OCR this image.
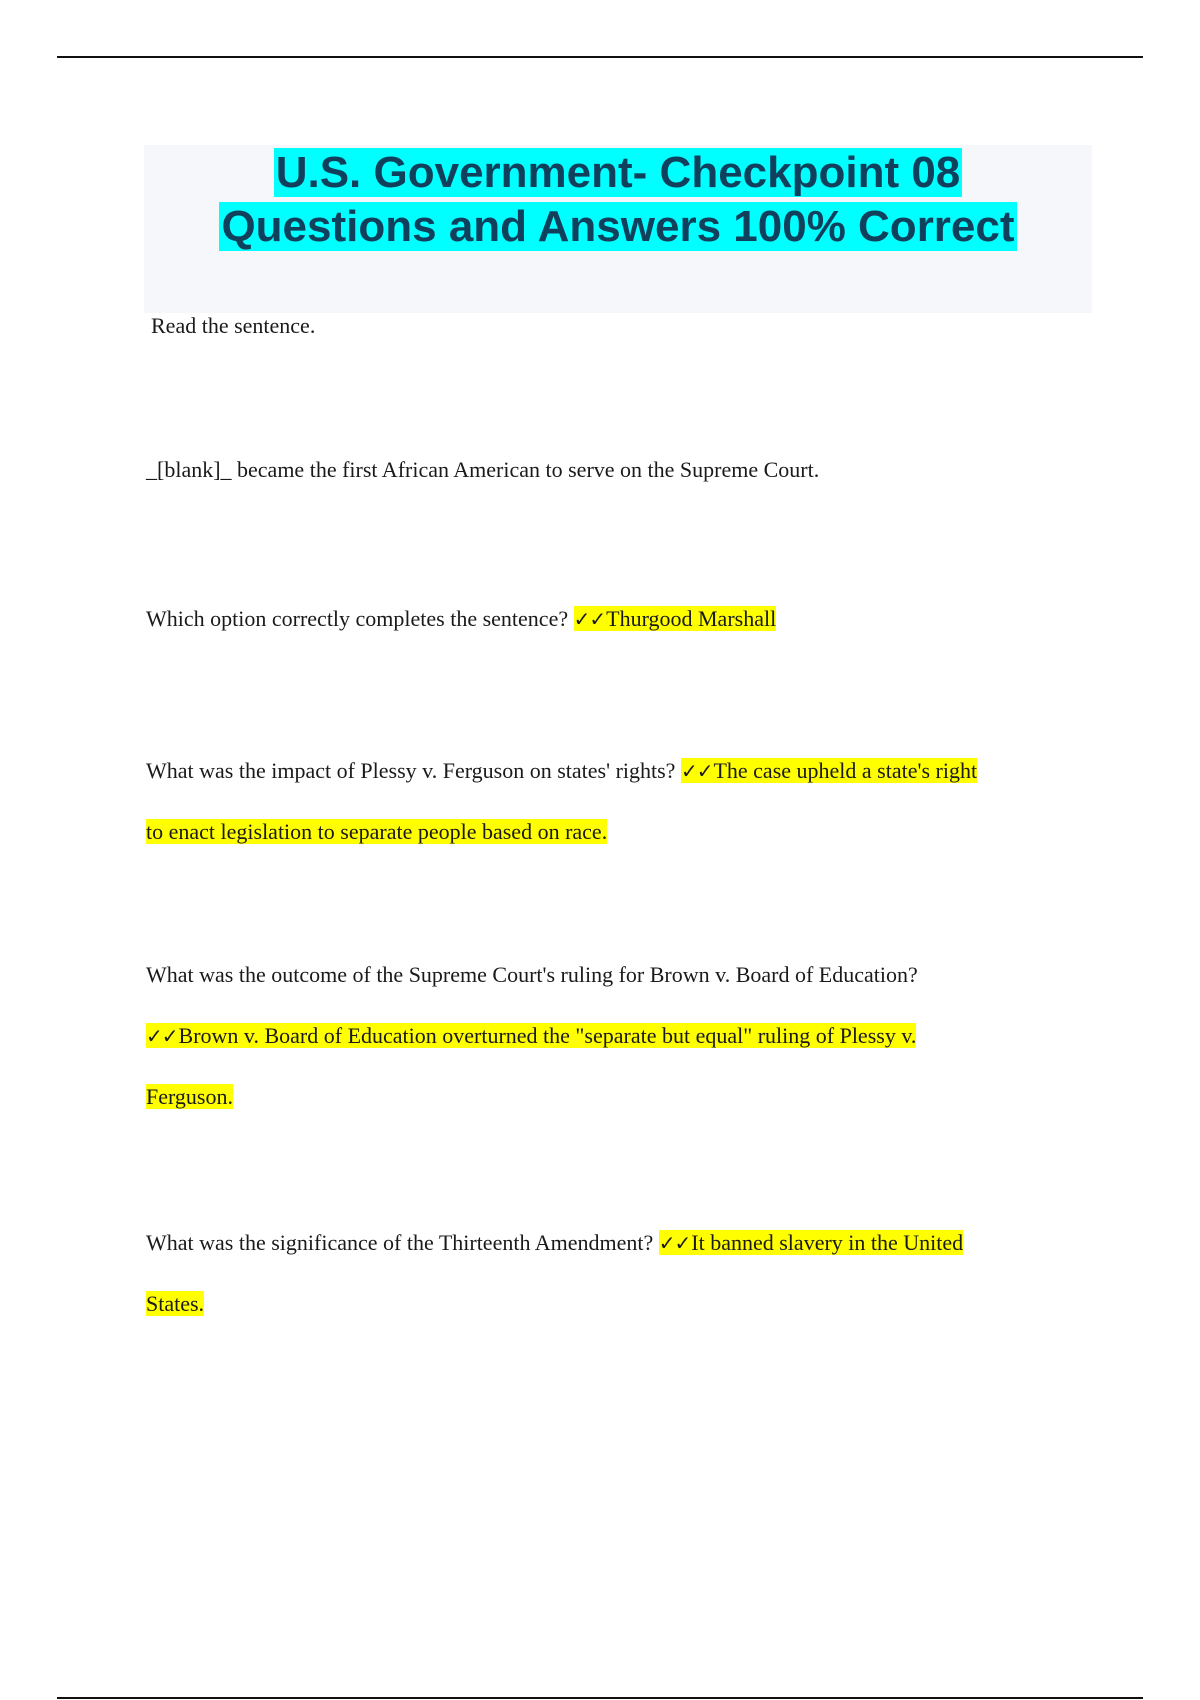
U.S. Government- Checkpoint 08
Questions and Answers 100% Correct
Read the sentence.
_[blank]_ became the first African American to serve on the Supreme Court.
Which option correctly completes the sentence? ✓✓Thurgood Marshall
What was the impact of Plessy v. Ferguson on states' rights? ✓✓The case upheld a state's right
to enact legislation to separate people based on race.
What was the outcome of the Supreme Court's ruling for Brown v. Board of Education?
✓✓Brown v. Board of Education overturned the "separate but equal" ruling of Plessy v.
Ferguson.
What was the significance of the Thirteenth Amendment? ✓✓It banned slavery in the United
States.
